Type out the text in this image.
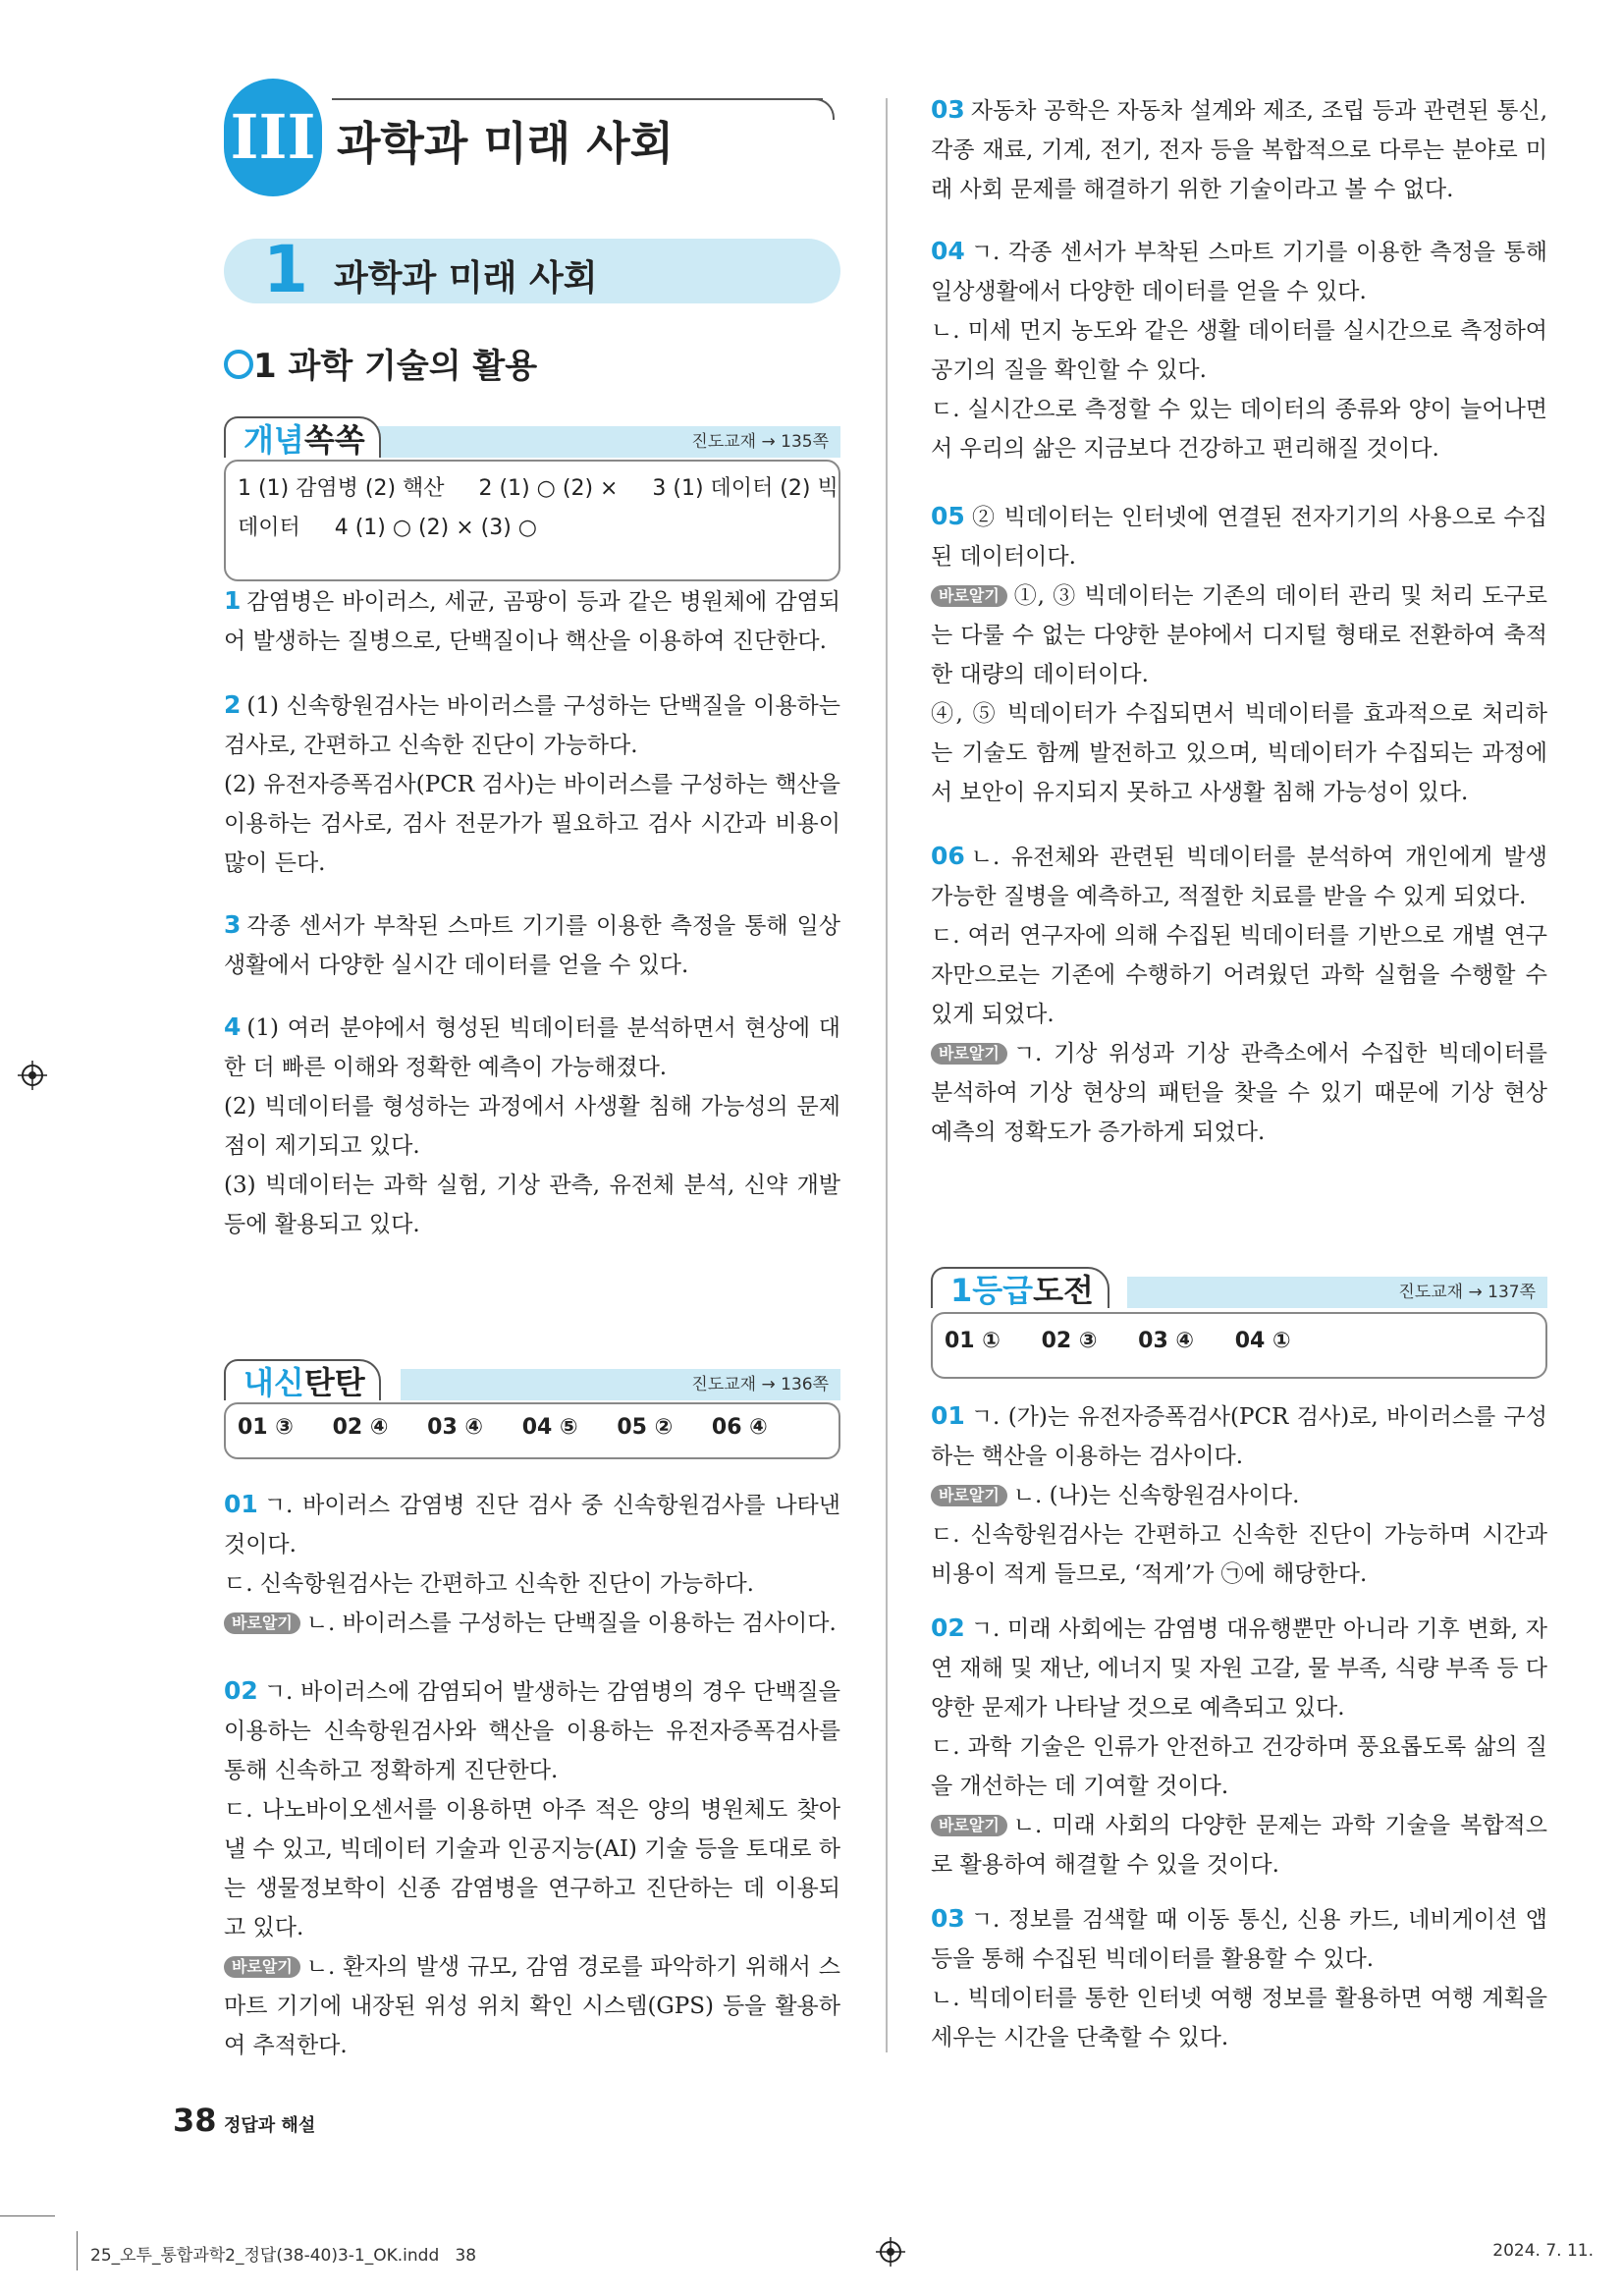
III 과학과 미래 사회
1 과학과 미래 사회
1 과학 기술의 활용
개념쏙쏙	진도교재 → 135쪽
1 (1) 감염병 (2) 핵산     2 (1) ○ (2) ×     3 (1) 데이터 (2) 빅
데이터     4 (1) ○ (2) × (3) ○

1 감염병은 바이러스, 세균, 곰팡이 등과 같은 병원체에 감염되어 발생하는 질병으로, 단백질이나 핵산을 이용하여 진단한다.

2 (1) 신속항원검사는 바이러스를 구성하는 단백질을 이용하는 검사로, 간편하고 신속한 진단이 가능하다.

(2) 유전자증폭검사(PCR 검사)는 바이러스를 구성하는 핵산을 이용하는 검사로, 검사 전문가가 필요하고 검사 시간과 비용이 많이 든다.

3 각종 센서가 부착된 스마트 기기를 이용한 측정을 통해 일상생활에서 다양한 실시간 데이터를 얻을 수 있다.

4 (1) 여러 분야에서 형성된 빅데이터를 분석하면서 현상에 대한 더 빠른 이해와 정확한 예측이 가능해졌다.

(2) 빅데이터를 형성하는 과정에서 사생활 침해 가능성의 문제점이 제기되고 있다.

(3) 빅데이터는 과학 실험, 기상 관측, 유전체 분석, 신약 개발 등에 활용되고 있다.

내신탄탄	진도교재 → 136쪽
01 ③ 02 ④ 03 ④ 04 ⑤ 05 ② 06 ④

01 ㄱ. 바이러스 감염병 진단 검사 중 신속항원검사를 나타낸 것이다.

ㄷ. 신속항원검사는 간편하고 신속한 진단이 가능하다.

바로알기 ㄴ. 바이러스를 구성하는 단백질을 이용하는 검사이다.

02 ㄱ. 바이러스에 감염되어 발생하는 감염병의 경우 단백질을 이용하는 신속항원검사와 핵산을 이용하는 유전자증폭검사를 통해 신속하고 정확하게 진단한다.

ㄷ. 나노바이오센서를 이용하면 아주 적은 양의 병원체도 찾아낼 수 있고, 빅데이터 기술과 인공지능(AI) 기술 등을 토대로 하는 생물정보학이 신종 감염병을 연구하고 진단하는 데 이용되고 있다.

바로알기 ㄴ. 환자의 발생 규모, 감염 경로를 파악하기 위해서 스마트 기기에 내장된 위성 위치 확인 시스템(GPS) 등을 활용하여 추적한다.

03 자동차 공학은 자동차 설계와 제조, 조립 등과 관련된 통신, 각종 재료, 기계, 전기, 전자 등을 복합적으로 다루는 분야로 미래 사회 문제를 해결하기 위한 기술이라고 볼 수 없다.

04 ㄱ. 각종 센서가 부착된 스마트 기기를 이용한 측정을 통해 일상생활에서 다양한 데이터를 얻을 수 있다.

ㄴ. 미세 먼지 농도와 같은 생활 데이터를 실시간으로 측정하여 공기의 질을 확인할 수 있다.

ㄷ. 실시간으로 측정할 수 있는 데이터의 종류와 양이 늘어나면서 우리의 삶은 지금보다 건강하고 편리해질 것이다.

05 ② 빅데이터는 인터넷에 연결된 전자기기의 사용으로 수집된 데이터이다.

바로알기 ①, ③ 빅데이터는 기존의 데이터 관리 및 처리 도구로는 다룰 수 없는 다양한 분야에서 디지털 형태로 전환하여 축적한 대량의 데이터이다.

④, ⑤ 빅데이터가 수집되면서 빅데이터를 효과적으로 처리하는 기술도 함께 발전하고 있으며, 빅데이터가 수집되는 과정에서 보안이 유지되지 못하고 사생활 침해 가능성이 있다.

06 ㄴ. 유전체와 관련된 빅데이터를 분석하여 개인에게 발생 가능한 질병을 예측하고, 적절한 치료를 받을 수 있게 되었다.

ㄷ. 여러 연구자에 의해 수집된 빅데이터를 기반으로 개별 연구자만으로는 기존에 수행하기 어려웠던 과학 실험을 수행할 수 있게 되었다.

바로알기 ㄱ. 기상 위성과 기상 관측소에서 수집한 빅데이터를 분석하여 기상 현상의 패턴을 찾을 수 있기 때문에 기상 현상 예측의 정확도가 증가하게 되었다.

1등급도전	진도교재 → 137쪽
01 ① 02 ③ 03 ④ 04 ①

01 ㄱ. (가)는 유전자증폭검사(PCR 검사)로, 바이러스를 구성하는 핵산을 이용하는 검사이다.

바로알기 ㄴ. (나)는 신속항원검사이다.

ㄷ. 신속항원검사는 간편하고 신속한 진단이 가능하며 시간과 비용이 적게 들므로, ‘적게’가 ㉠에 해당한다.

02 ㄱ. 미래 사회에는 감염병 대유행뿐만 아니라 기후 변화, 자연 재해 및 재난, 에너지 및 자원 고갈, 물 부족, 식량 부족 등 다양한 문제가 나타날 것으로 예측되고 있다.

ㄷ. 과학 기술은 인류가 안전하고 건강하며 풍요롭도록 삶의 질을 개선하는 데 기여할 것이다.

바로알기 ㄴ. 미래 사회의 다양한 문제는 과학 기술을 복합적으로 활용하여 해결할 수 있을 것이다.

03 ㄱ. 정보를 검색할 때 이동 통신, 신용 카드, 네비게이션 앱 등을 통해 수집된 빅데이터를 활용할 수 있다.

ㄴ. 빅데이터를 통한 인터넷 여행 정보를 활용하면 여행 계획을 세우는 시간을 단축할 수 있다.

38 정답과 해설
25_오투_통합과학2_정답(38-40)3-1_OK.indd   38	2024. 7. 11.
